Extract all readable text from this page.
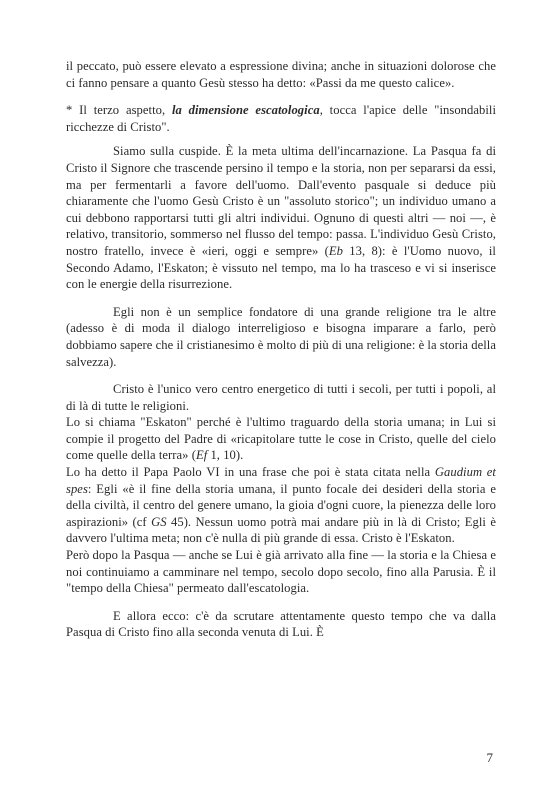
il peccato, può essere elevato a espressione divina; anche in situazioni dolorose che ci fanno pensare a quanto Gesù stesso ha detto: «Passi da me questo calice».

* Il terzo aspetto, la dimensione escatologica, tocca l'apice delle "insondabili ricchezze di Cristo".

Siamo sulla cuspide. È la meta ultima dell'incarnazione. La Pasqua fa di Cristo il Signore che trascende persino il tempo e la storia, non per separarsi da essi, ma per fermentarli a favore dell'uomo. Dall'evento pasquale si deduce più chiaramente che l'uomo Gesù Cristo è un "assoluto storico"; un individuo umano a cui debbono rapportarsi tutti gli altri individui. Ognuno di questi altri — noi —, è relativo, transitorio, sommerso nel flusso del tempo: passa. L'individuo Gesù Cristo, nostro fratello, invece è «ieri, oggi e sempre» (Eb 13, 8): è l'Uomo nuovo, il Secondo Adamo, l'Eskaton; è vissuto nel tempo, ma lo ha trasceso e vi si inserisce con le energie della risurrezione.

Egli non è un semplice fondatore di una grande religione tra le altre (adesso è di moda il dialogo interreligioso e bisogna imparare a farlo, però dobbiamo sapere che il cristianesimo è molto di più di una religione: è la storia della salvezza).

Cristo è l'unico vero centro energetico di tutti i secoli, per tutti i popoli, al di là di tutte le religioni.

Lo si chiama "Eskaton" perché è l'ultimo traguardo della storia umana; in Lui si compie il progetto del Padre di «ricapitolare tutte le cose in Cristo, quelle del cielo come quelle della terra» (Ef 1, 10).

Lo ha detto il Papa Paolo VI in una frase che poi è stata citata nella Gaudium et spes: Egli «è il fine della storia umana, il punto focale dei desideri della storia e della civiltà, il centro del genere umano, la gioia d'ogni cuore, la pienezza delle loro aspirazioni» (cf GS 45). Nessun uomo potrà mai andare più in là di Cristo; Egli è davvero l'ultima meta; non c'è nulla di più grande di essa. Cristo è l'Eskaton.

Però dopo la Pasqua — anche se Lui è già arrivato alla fine — la storia e la Chiesa e noi continuiamo a camminare nel tempo, secolo dopo secolo, fino alla Parusia. È il "tempo della Chiesa" permeato dall'escatologia.

E allora ecco: c'è da scrutare attentamente questo tempo che va dalla Pasqua di Cristo fino alla seconda venuta di Lui. È

7
